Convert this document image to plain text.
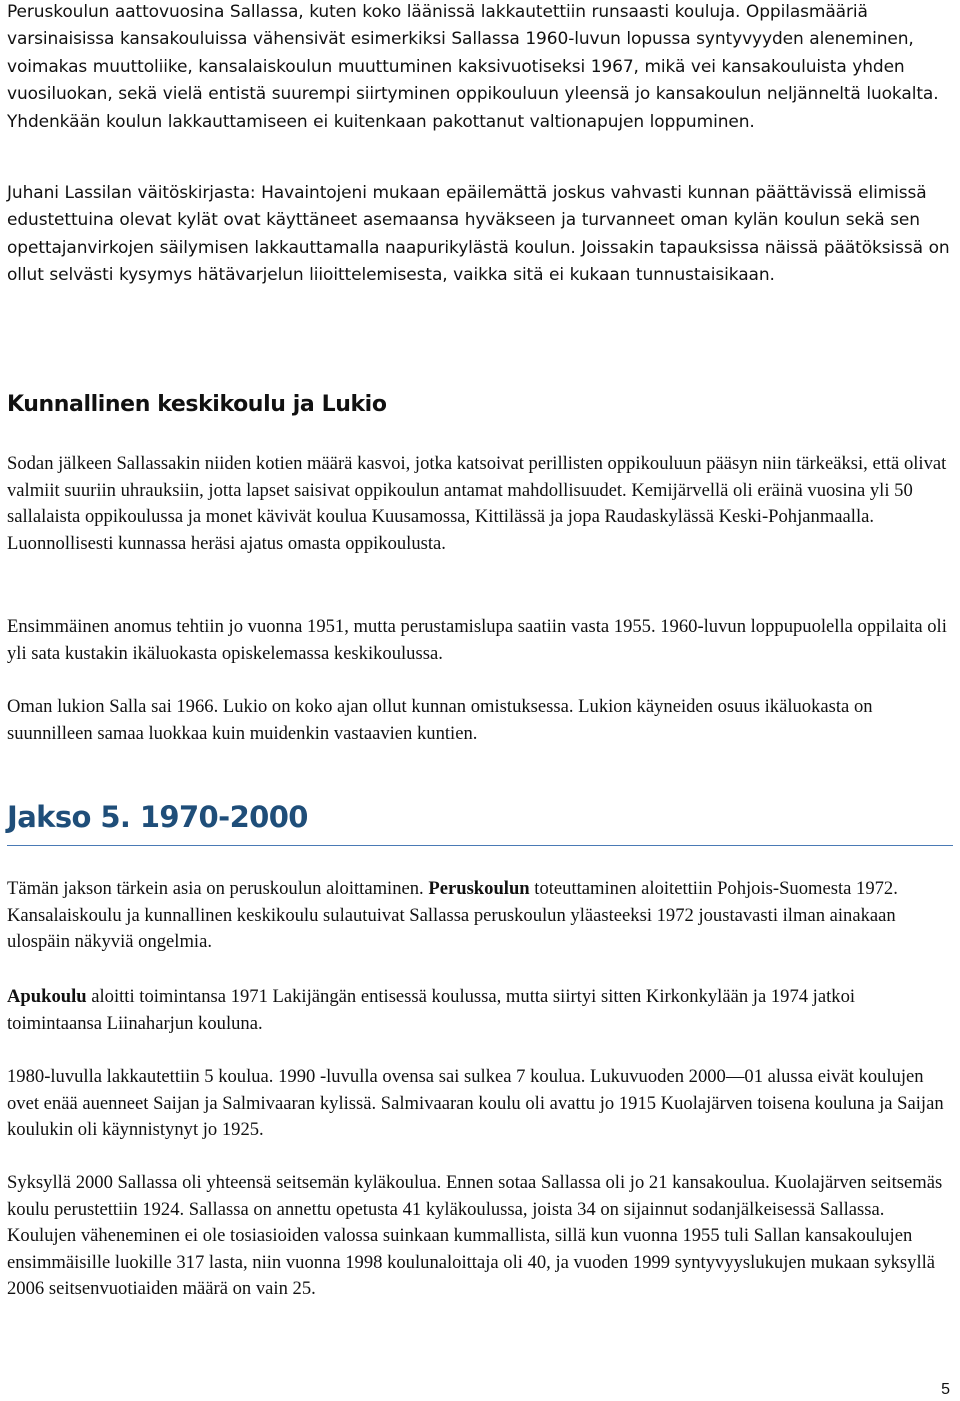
Peruskoulun aattovuosina Sallassa, kuten koko läänissä lakkautettiin runsaasti kouluja. Oppilasmääriä varsinaisissa kansakouluissa vähensivät esimerkiksi Sallassa 1960-luvun lopussa syntyvyyden aleneminen, voimakas muuttoliike, kansalaiskoulun muuttuminen kaksivuotiseksi 1967, mikä vei kansakouluista yhden vuosiluokan, sekä vielä entistä suurempi siirtyminen oppikouluun yleensä jo kansakoulun neljänneltä luokalta. Yhdenkään koulun lakkauttamiseen ei kuitenkaan pakottanut valtionapujen loppuminen.

Juhani Lassilan väitöskirjasta: Havaintojeni mukaan epäilemättä joskus vahvasti kunnan päättävissä elimissä edustettuina olevat kylät ovat käyttäneet asemaansa hyväkseen ja turvanneet oman kylän koulun sekä sen opettajanvirkojen säilymisen lakkauttamalla naapurikylästä koulun. Joissakin tapauksissa näissä päätöksissä on ollut selvästi kysymys hätävarjelun liioittelemisesta, vaikka sitä ei kukaan tunnustaisikaan.

Kunnallinen keskikoulu ja Lukio

Sodan jälkeen Sallassakin niiden kotien määrä kasvoi, jotka katsoivat perillisten oppikouluun pääsyn niin tärkeäksi, että olivat valmiit suuriin uhrauksiin, jotta lapset saisivat oppikoulun antamat mahdollisuudet. Kemijärvellä oli eräinä vuosina yli 50 sallalaista oppikoulussa ja monet kävivät koulua Kuusamossa, Kittilässä ja jopa Raudaskylässä Keski-Pohjanmaalla. Luonnollisesti kunnassa heräsi ajatus omasta oppikoulusta.

Ensimmäinen anomus tehtiin jo vuonna 1951, mutta perustamislupa saatiin vasta 1955. 1960-luvun loppupuolella oppilaita oli yli sata kustakin ikäluokasta opiskelemassa keskikoulussa.

Oman lukion Salla sai 1966. Lukio on koko ajan ollut kunnan omistuksessa. Lukion käyneiden osuus ikäluokasta on suunnilleen samaa luokkaa kuin muidenkin vastaavien kuntien.

Jakso 5. 1970-2000

Tämän jakson tärkein asia on peruskoulun aloittaminen. Peruskoulun toteuttaminen aloitettiin Pohjois-Suomesta 1972. Kansalaiskoulu ja kunnallinen keskikoulu sulautuivat Sallassa peruskoulun yläasteeksi 1972 joustavasti ilman ainakaan ulospäin näkyviä ongelmia.

Apukoulu aloitti toimintansa 1971 Lakijängän entisessä koulussa, mutta siirtyi sitten Kirkonkylään ja 1974 jatkoi toimintaansa Liinaharjun kouluna.

1980-luvulla lakkautettiin 5 koulua. 1990 -luvulla ovensa sai sulkea 7 koulua. Lukuvuoden 2000—01 alussa eivät koulujen ovet enää auenneet Saijan ja Salmivaaran kylissä. Salmivaaran koulu oli avattu jo 1915 Kuolajärven toisena kouluna ja Saijan koulukin oli käynnistynyt jo 1925.

Syksyllä 2000 Sallassa oli yhteensä seitsemän kyläkoulua. Ennen sotaa Sallassa oli jo 21 kansakoulua. Kuolajärven seitsemäs koulu perustettiin 1924. Sallassa on annettu opetusta 41 kyläkoulussa, joista 34 on sijainnut sodanjälkeisessä Sallassa. Koulujen väheneminen ei ole tosiasioiden valossa suinkaan kummallista, sillä kun vuonna 1955 tuli Sallan kansakoulujen ensimmäisille luokille 317 lasta, niin vuonna 1998 koulunaloittaja oli 40, ja vuoden 1999 syntyvyyslukujen mukaan syksyllä 2006 seitsenvuotiaiden määrä on vain 25.

5
